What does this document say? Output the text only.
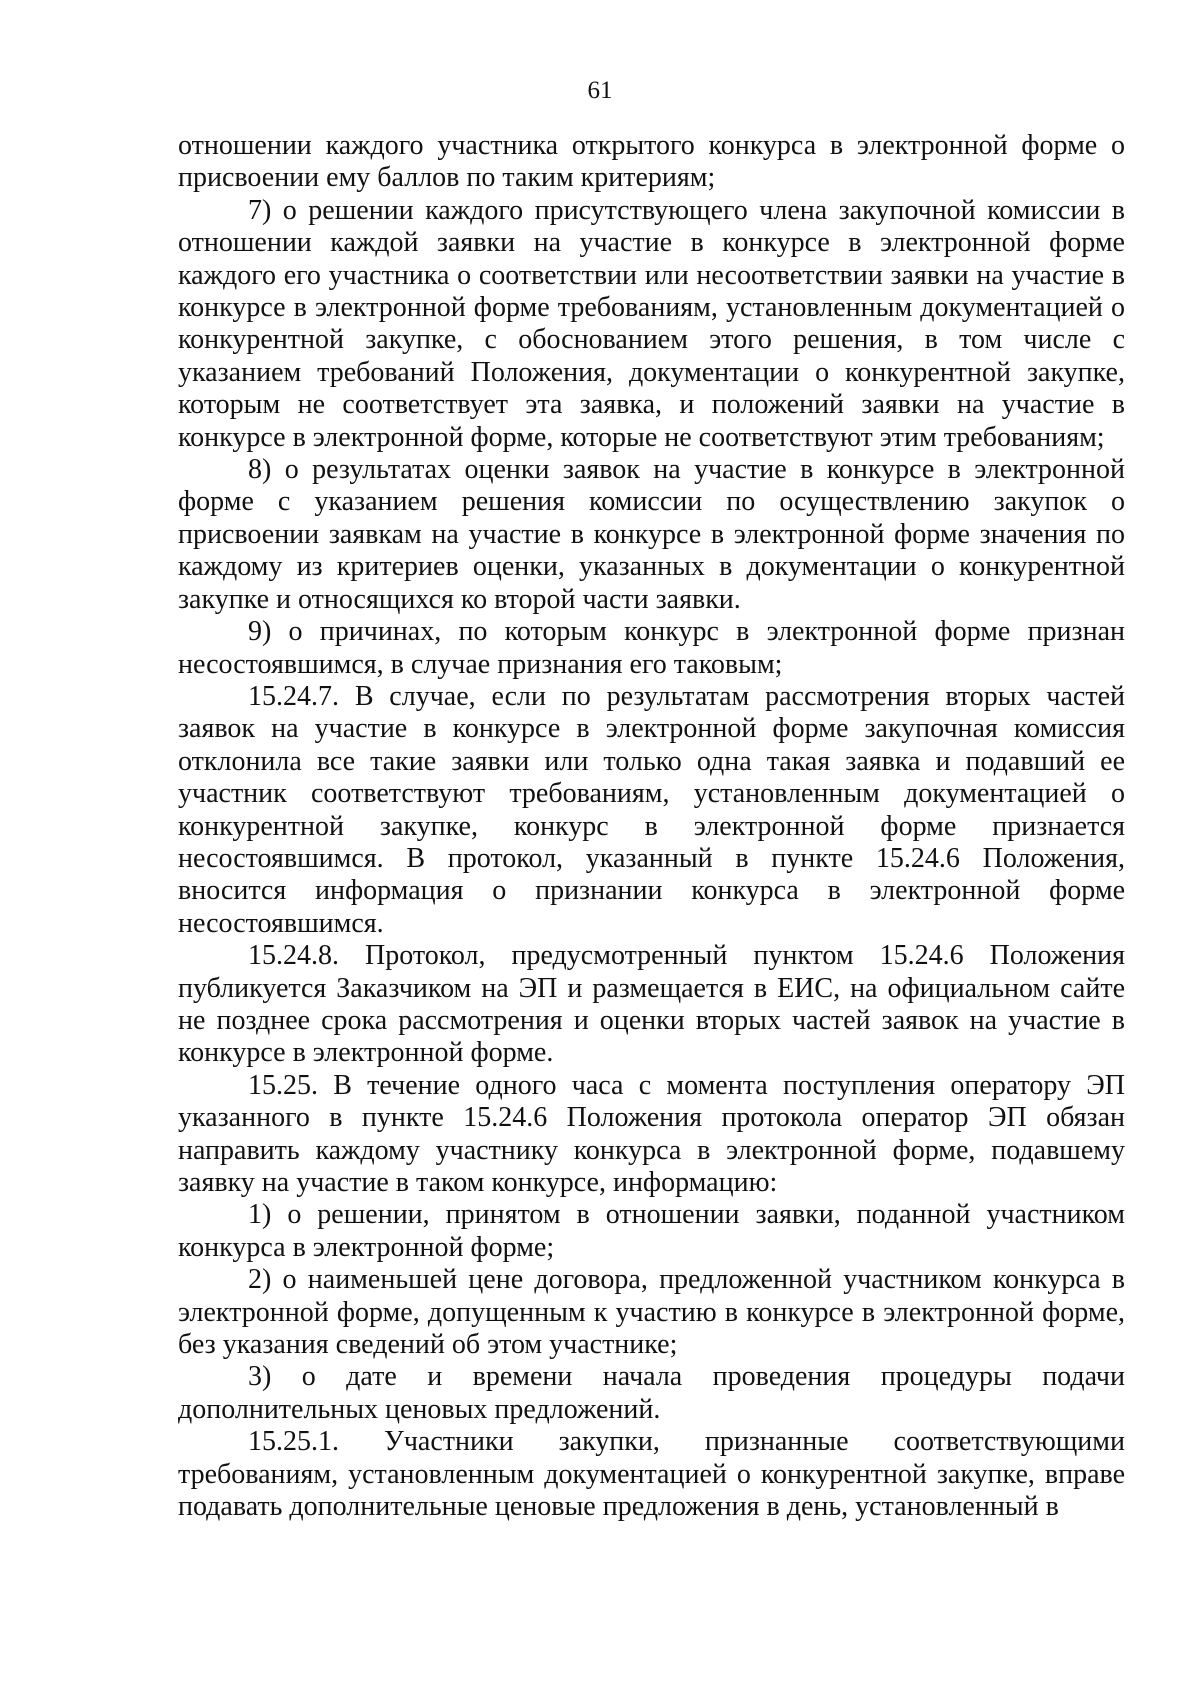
61

отношении каждого участника открытого конкурса в электронной форме о присвоении ему баллов по таким критериям;

7) о решении каждого присутствующего члена закупочной комиссии в отношении каждой заявки на участие в конкурсе в электронной форме каждого его участника о соответствии или несоответствии заявки на участие в конкурсе в электронной форме требованиям, установленным документацией о конкурентной закупке, с обоснованием этого решения, в том числе с указанием требований Положения, документации о конкурентной закупке, которым не соответствует эта заявка, и положений заявки на участие в конкурсе в электронной форме, которые не соответствуют этим требованиям;

8) о результатах оценки заявок на участие в конкурсе в электронной форме с указанием решения комиссии по осуществлению закупок о присвоении заявкам на участие в конкурсе в электронной форме значения по каждому из критериев оценки, указанных в документации о конкурентной закупке и относящихся ко второй части заявки.

9) о причинах, по которым конкурс в электронной форме признан несостоявшимся, в случае признания его таковым;

15.24.7. В случае, если по результатам рассмотрения вторых частей заявок на участие в конкурсе в электронной форме закупочная комиссия отклонила все такие заявки или только одна такая заявка и подавший ее участник соответствуют требованиям, установленным документацией о конкурентной закупке, конкурс в электронной форме признается несостоявшимся. В протокол, указанный в пункте 15.24.6 Положения, вносится информация о признании конкурса в электронной форме несостоявшимся.

15.24.8. Протокол, предусмотренный пунктом 15.24.6 Положения публикуется Заказчиком на ЭП и размещается в ЕИС, на официальном сайте не позднее срока рассмотрения и оценки вторых частей заявок на участие в конкурсе в электронной форме.

15.25. В течение одного часа с момента поступления оператору ЭП указанного в пункте 15.24.6 Положения протокола оператор ЭП обязан направить каждому участнику конкурса в электронной форме, подавшему заявку на участие в таком конкурсе, информацию:

1) о решении, принятом в отношении заявки, поданной участником конкурса в электронной форме;

2) о наименьшей цене договора, предложенной участником конкурса в электронной форме, допущенным к участию в конкурсе в электронной форме, без указания сведений об этом участнике;

3) о дате и времени начала проведения процедуры подачи дополнительных ценовых предложений.

15.25.1. Участники закупки, признанные соответствующими требованиям, установленным документацией о конкурентной закупке, вправе подавать дополнительные ценовые предложения в день, установленный в
